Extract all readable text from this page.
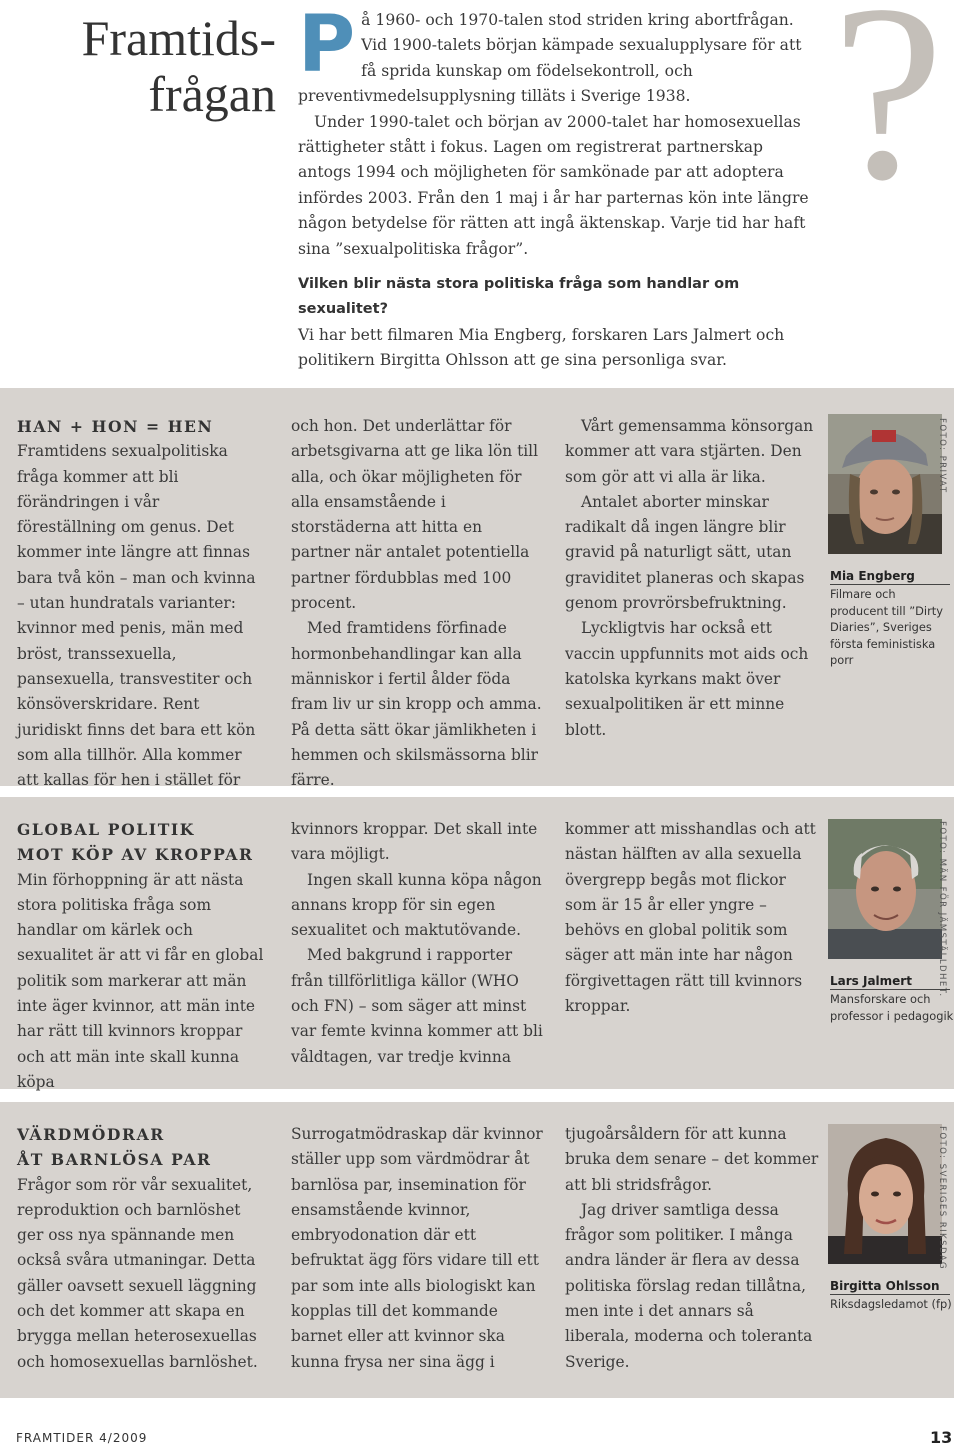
Framtids-
frågan

P å 1960- och 1970-talen stod striden kring abortfrågan. Vid 1900-talets början kämpade sexualupplysare för att få sprida kunskap om födelsekontroll, och preventivmedelsupplysning tilläts i Sverige 1938.

Under 1990-talet och början av 2000-talet har homosexuellas rättigheter stått i fokus. Lagen om registrerat partnerskap antogs 1994 och möjligheten för samkönade par att adoptera infördes 2003. Från den 1 maj i år har parternas kön inte längre någon betydelse för rätten att ingå äktenskap. Varje tid har haft sina ”sexualpolitiska frågor”.

Vilken blir nästa stora politiska fråga som handlar om sexualitet?

Vi har bett filmaren Mia Engberg, forskaren Lars Jalmert och politikern Birgitta Ohlsson att ge sina personliga svar.

?

HAN + HON = HEN

Framtidens sexualpolitiska fråga kommer att bli förändringen i vår föreställning om genus. Det kommer inte längre att finnas bara två kön – man och kvinna – utan hundratals varianter: kvinnor med penis, män med bröst, transsexuella, pansexuella, transvestiter och könsöverskridare. Rent juridiskt finns det bara ett kön som alla tillhör. Alla kommer att kallas för hen i stället för

och hon. Det underlättar för arbetsgivarna att ge lika lön till alla, och ökar möjligheten för alla ensamstående i storstäderna att hitta en partner när antalet potentiella partner fördubblas med 100 procent.

Med framtidens förfinade hormonbehandlingar kan alla människor i fertil ålder föda fram liv ur sin kropp och amma. På detta sätt ökar jämlikheten i hemmen och skilsmässorna blir färre.

Vårt gemensamma könsorgan kommer att vara stjärten. Den som gör att vi alla är lika.

Antalet aborter minskar radikalt då ingen längre blir gravid på naturligt sätt, utan graviditet planeras och skapas genom provrörsbefruktning.

Lyckligtvis har också ett vaccin uppfunnits mot aids och katolska kyrkans makt över sexualpolitiken är ett minne blott.

FOTO: PRIVAT
Mia Engberg
Filmare och producent till ”Dirty Diaries”, Sveriges första feministiska porr

GLOBAL POLITIK

MOT KÖP AV KROPPAR

Min förhoppning är att nästa stora politiska fråga som handlar om kärlek och sexualitet är att vi får en global politik som markerar att män inte äger kvinnor, att män inte har rätt till kvinnors kroppar och att män inte skall kunna köpa

kvinnors kroppar. Det skall inte vara möjligt.

Ingen skall kunna köpa någon annans kropp för sin egen sexualitet och maktutövande.

Med bakgrund i rapporter från tillförlitliga källor (WHO och FN) – som säger att minst var femte kvinna kommer att bli våldtagen, var tredje kvinna

kommer att misshandlas och att nästan hälften av alla sexuella övergrepp begås mot flickor som är 15 år eller yngre – behövs en global politik som säger att män inte har någon förgivettagen rätt till kvinnors kroppar.

FOTO: MÄN FÖR JÄMSTÄLLDHET.
Lars Jalmert
Mansforskare och professor i pedagogik

VÄRDMÖDRAR

ÅT BARNLÖSA PAR

Frågor som rör vår sexualitet, reproduktion och barnlöshet ger oss nya spännande men också svåra utmaningar. Detta gäller oavsett sexuell läggning och det kommer att skapa en brygga mellan heterosexuellas och homosexuellas barnlöshet.

Surrogatmödraskap där kvinnor ställer upp som värdmödrar åt barnlösa par, insemination för ensamstående kvinnor, embryodonation där ett befruktat ägg förs vidare till ett par som inte alls biologiskt kan kopplas till det kommande barnet eller att kvinnor ska kunna frysa ner sina ägg i

tjugoårsåldern för att kunna bruka dem senare – det kommer att bli stridsfrågor.

Jag driver samtliga dessa frågor som politiker. I många andra länder är flera av dessa politiska förslag redan tillåtna, men inte i det annars så liberala, moderna och toleranta Sverige.

FOTO: SVERIGES RIKSDAG
Birgitta Ohlsson
Riksdagsledamot (fp)
FRAMTIDER 4/2009	13
